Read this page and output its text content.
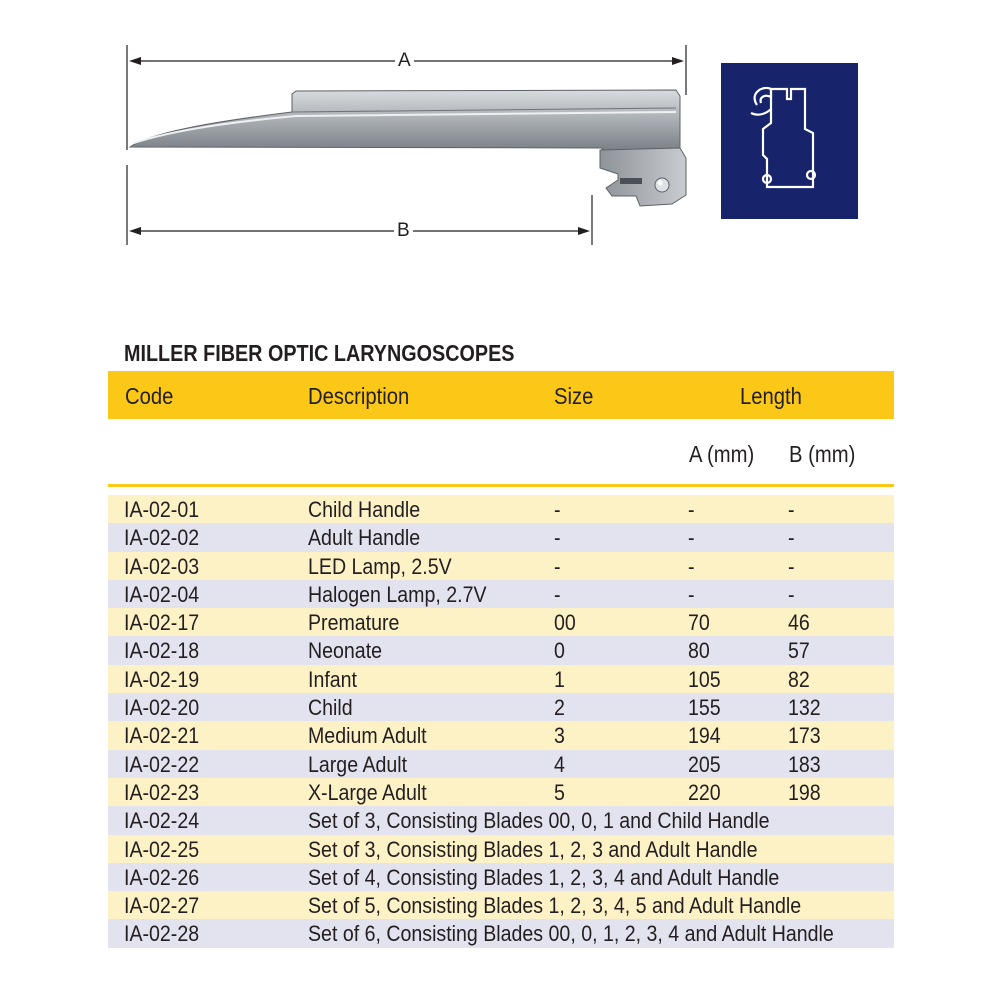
A
B
MILLER FIBER OPTIC LARYNGOSCOPES
Code	Description	Size	Length
A (mm) B (mm)
IA-02-01	Child Handle	-	-	-
IA-02-02	Adult Handle	-	-	-
IA-02-03	LED Lamp, 2.5V	-	-	-
IA-02-04	Halogen Lamp, 2.7V	-	-	-
IA-02-17	Premature	00	70	46
IA-02-18	Neonate	0	80	57
IA-02-19	Infant	1	105	82
IA-02-20	Child	2	155	132
IA-02-21	Medium Adult	3	194	173
IA-02-22	Large Adult	4	205	183
IA-02-23	X-Large Adult	5	220	198
IA-02-24	Set of 3, Consisting Blades 00, 0, 1 and Child Handle
IA-02-25	Set of 3, Consisting Blades 1, 2, 3 and Adult Handle
IA-02-26	Set of 4, Consisting Blades 1, 2, 3, 4 and Adult Handle
IA-02-27	Set of 5, Consisting Blades 1, 2, 3, 4, 5 and Adult Handle
IA-02-28	Set of 6, Consisting Blades 00, 0, 1, 2, 3, 4 and Adult Handle
